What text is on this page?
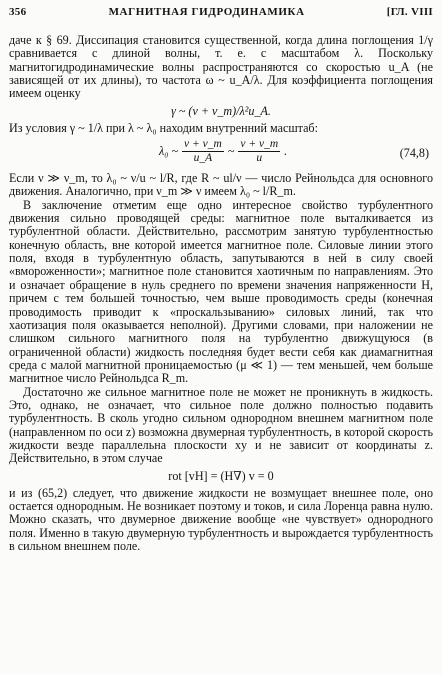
356	МАГНИТНАЯ ГИДРОДИНАМИКА	[ГЛ. VIII

даче к § 69. Диссипация становится существенной, когда длина поглощения 1/γ сравнивается с длиной волны, т. е. с масштабом λ. Поскольку магнитогидродинамические волны распространяются со скоростью u_A (не зависящей от их длины), то частота ω ~ u_A/λ. Для коэффициента поглощения имеем оценку

γ ~ (ν + ν_m)/λ²u_A.

Из условия γ ~ 1/λ при λ ~ λ₀ находим внутренний масштаб:

λ₀ ~ $\frac{\nu + \nu\_m}{u\_A}$ ~ $\frac{\nu + \nu\_m}{u}$ .	(74,8)

Если ν ≫ ν_m, то λ₀ ~ ν/u ~ l/R, где R ~ ul/ν — число Рейнольдса для основного движения. Аналогично, при ν_m ≫ ν имеем λ₀ ~ l/R_m.

В заключение отметим еще одно интересное свойство турбулентного движения сильно проводящей среды: магнитное поле выталкивается из турбулентной области. Действительно, рассмотрим занятую турбулентностью конечную область, вне которой имеется магнитное поле. Силовые линии этого поля, входя в турбулентную область, запутываются в ней в силу своей «вмороженности»; магнитное поле становится хаотичным по направлениям. Это и означает обращение в нуль среднего по времени значения напряженности H, причем с тем большей точностью, чем выше проводимость среды (конечная проводимость приводит к «проскальзыванию» силовых линий, так что хаотизация поля оказывается неполной). Другими словами, при наложении не слишком сильного магнитного поля на турбулентно движущуюся (в ограниченной области) жидкость последняя будет вести себя как диамагнитная среда с малой магнитной проницаемостью (μ ≪ 1) — тем меньшей, чем больше магнитное число Рейнольдса R_m.

Достаточно же сильное магнитное поле не может не проникнуть в жидкость. Это, однако, не означает, что сильное поле должно полностью подавить турбулентность. В сколь угодно сильном однородном внешнем магнитном поле (направленном по оси z) возможна двумерная турбулентность, в которой скорость жидкости везде параллельна плоскости xy и не зависит от координаты z. Действительно, в этом случае

rot [vH] = (H∇) v = 0

и из (65,2) следует, что движение жидкости не возмущает внешнее поле, оно остается однородным. Не возникает поэтому и токов, и сила Лоренца равна нулю. Можно сказать, что двумерное движение вообще «не чувствует» однородного поля. Именно в такую двумерную турбулентность и вырождается турбулентность в сильном внешнем поле.
